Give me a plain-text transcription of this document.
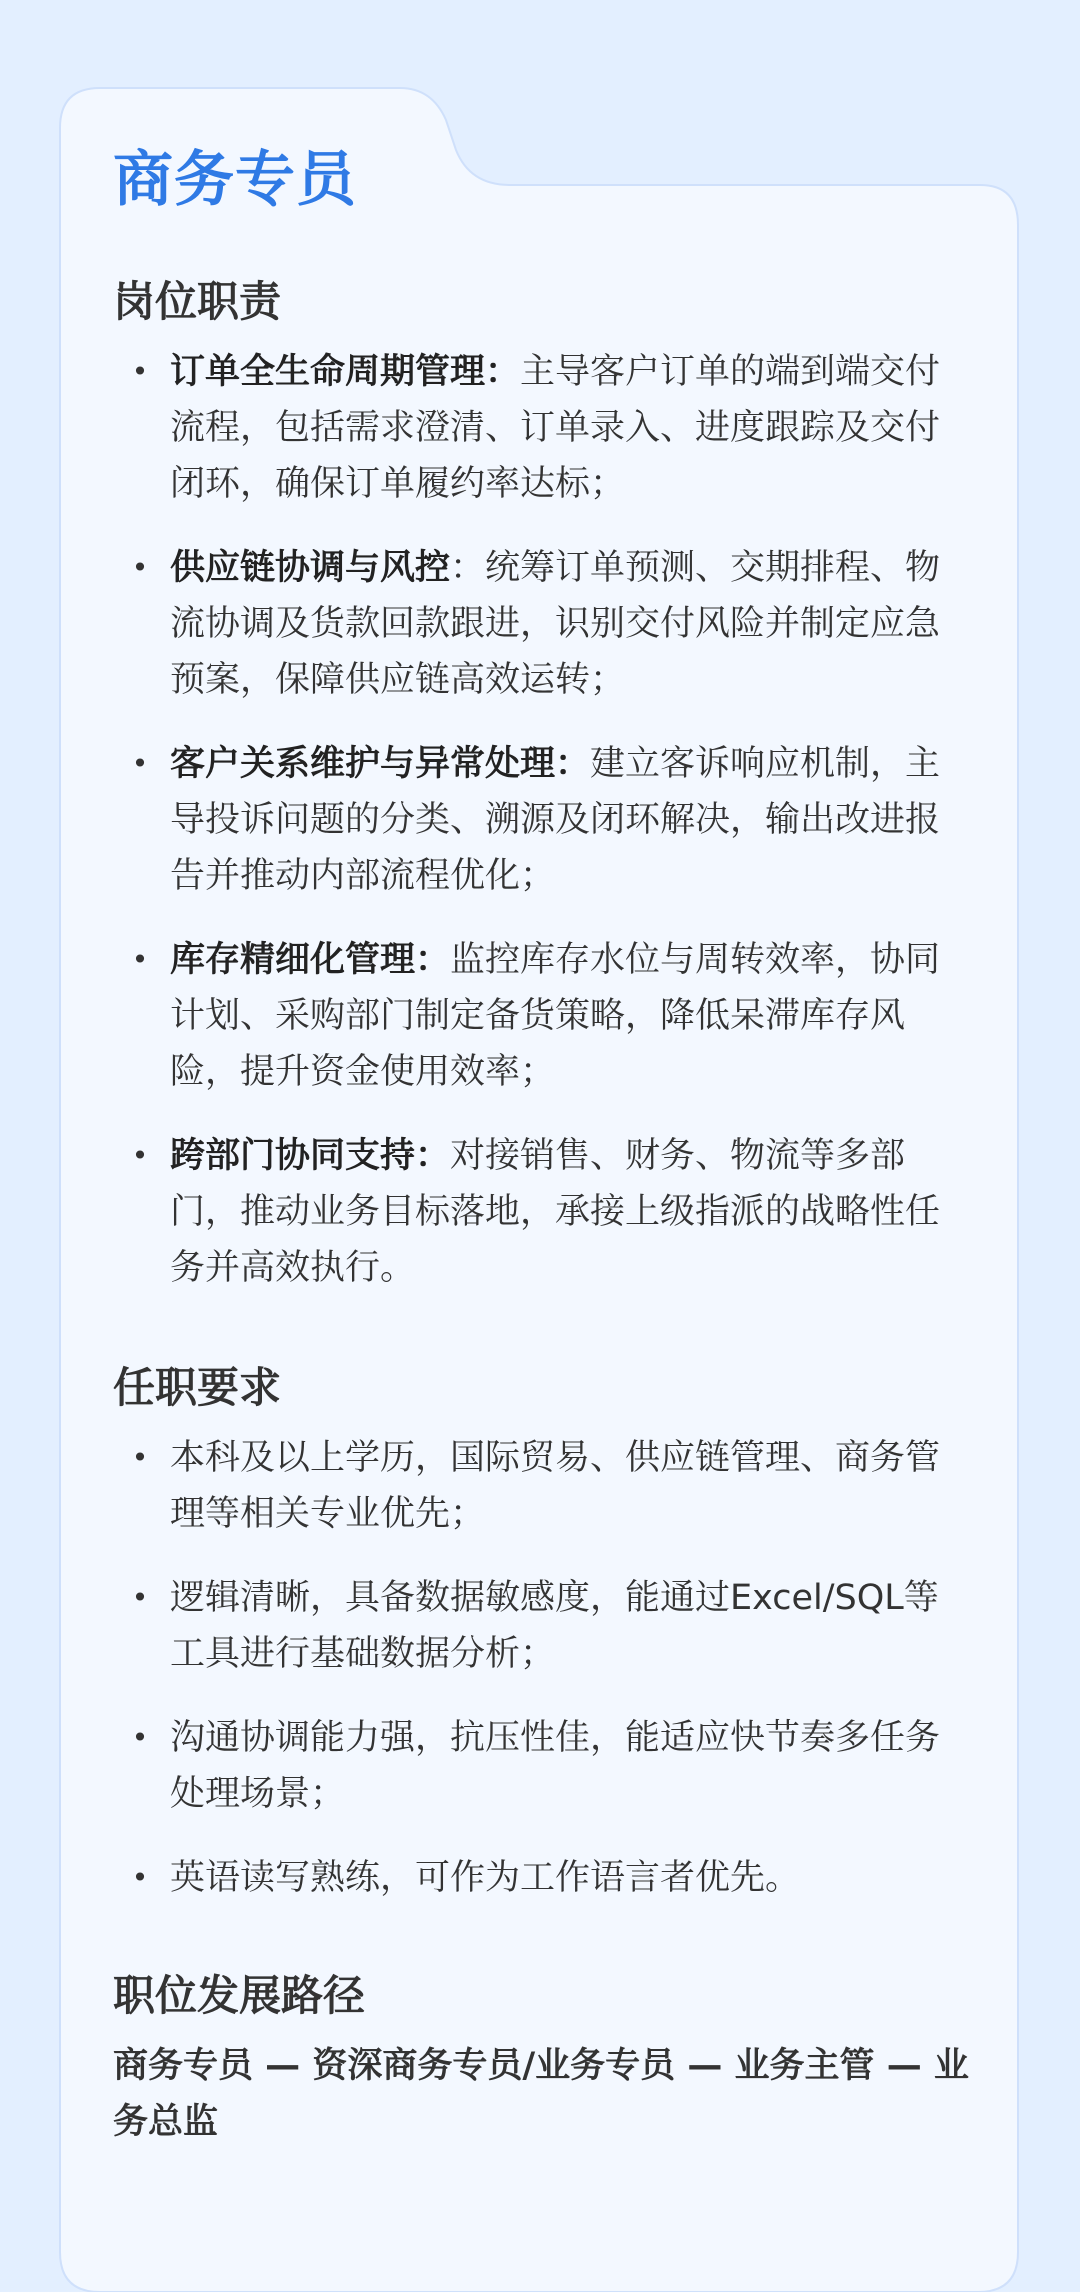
商务专员
岗位职责
• 订单全生命周期管理：主导客户订单的端到端交付流程，包括需求澄清、订单录入、进度跟踪及交付闭环，确保订单履约率达标；
• 供应链协调与风控：统筹订单预测、交期排程、物流协调及货款回款跟进，识别交付风险并制定应急预案，保障供应链高效运转；
• 客户关系维护与异常处理：建立客诉响应机制，主导投诉问题的分类、溯源及闭环解决，输出改进报告并推动内部流程优化；
• 库存精细化管理：监控库存水位与周转效率，协同计划、采购部门制定备货策略，降低呆滞库存风险，提升资金使用效率；
• 跨部门协同支持：对接销售、财务、物流等多部门，推动业务目标落地，承接上级指派的战略性任务并高效执行。
任职要求
• 本科及以上学历，国际贸易、供应链管理、商务管理等相关专业优先；
• 逻辑清晰，具备数据敏感度，能通过Excel/SQL等工具进行基础数据分析；
• 沟通协调能力强，抗压性佳，能适应快节奏多任务处理场景；
• 英语读写熟练，可作为工作语言者优先。
职位发展路径

商务专员 — 资深商务专员/业务专员 — 业务主管 — 业务总监
